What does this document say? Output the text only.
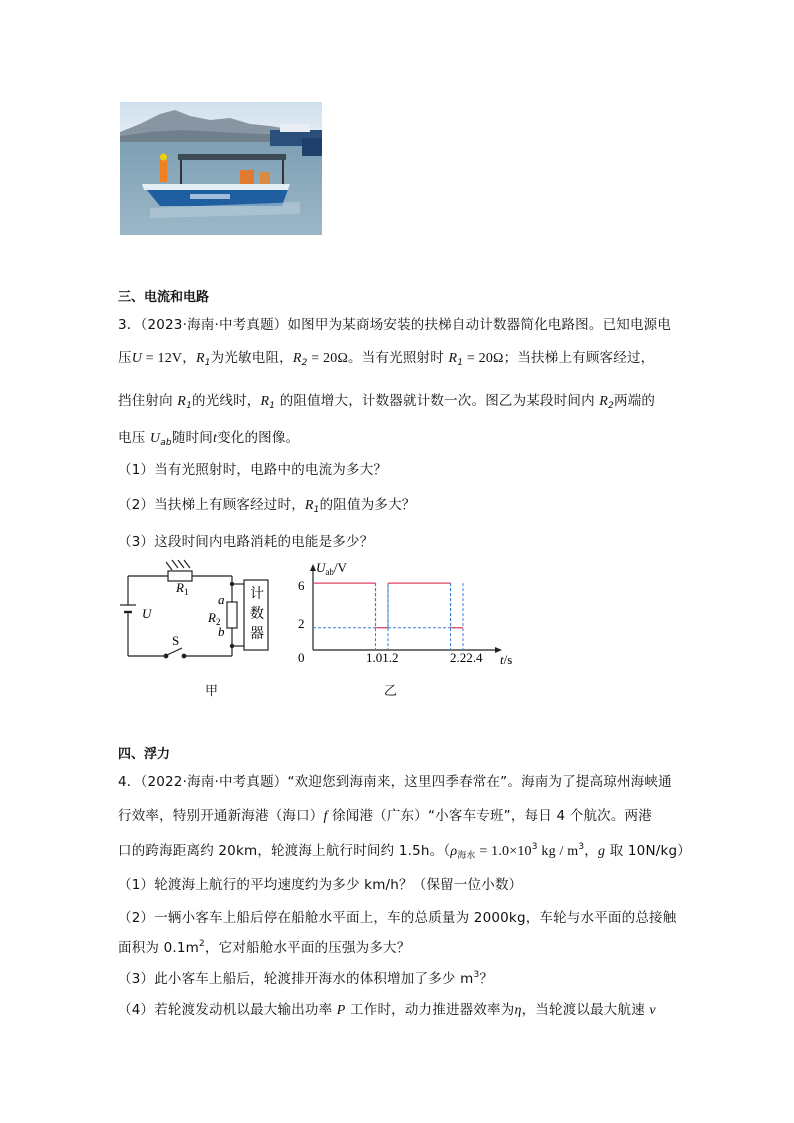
三、电流和电路
3．（2023·海南·中考真题）如图甲为某商场安装的扶梯自动计数器简化电路图。已知电源电
压U = 12V，$R_1$为光敏电阻，$R_2 = 20\Omega$。当有光照射时 $R_1 = 20\Omega$；当扶梯上有顾客经过，
挡住射向 $R_1$的光线时，$R_1$ 的阻值增大，计数器就计数一次。图乙为某段时间内 $R_2$两端的
电压 $U_{ab}$随时间t变化的图像。
（1）当有光照射时，电路中的电流为多大？
（2）当扶梯上有顾客经过时，$R_1$的阻值为多大？
（3）这段时间内电路消耗的电能是多少？
$R_1$
U
a
$R_2$
b
S
计
数
器
$U_{ab}/V$
6
2
0	1.01.2	2.22.4 t/s
甲	乙
四、浮力
4．（2022·海南·中考真题）“欢迎您到海南来，这里四季春常在”。海南为了提高琼州海峡通
行效率，特别开通新海港（海口）f 徐闻港（广东）“小客车专班”，每日 4 个航次。两港
口的跨海距离约 20km，轮渡海上航行时间约 1.5h。（$\rho_{海水} = 1.0\times 10^3$ kg / $m^3$，g 取 10N/kg）
（1）轮渡海上航行的平均速度约为多少 km/h？（保留一位小数）
（2）一辆小客车上船后停在船舱水平面上，车的总质量为 2000kg，车轮与水平面的总接触
面积为 $0.1m^2$，它对船舱水平面的压强为多大？
（3）此小客车上船后，轮渡排开海水的体积增加了多少 $m^3$？
（4）若轮渡发动机以最大输出功率 P 工作时，动力推进器效率为η，当轮渡以最大航速 v
